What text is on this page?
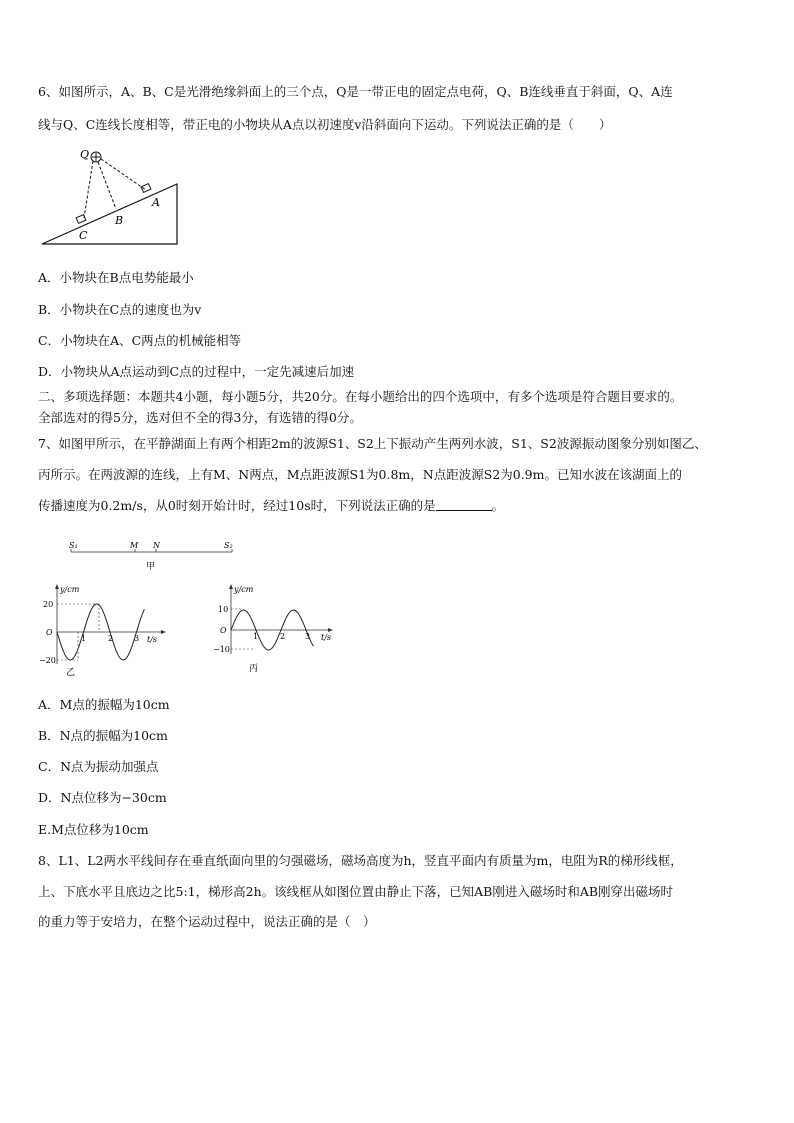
6、如图所示，A、B、C是光滑绝缘斜面上的三个点，Q是一带正电的固定点电荷，Q、B连线垂直于斜面，Q、A连
线与Q、C连线长度相等，带正电的小物块从A点以初速度v沿斜面向下运动。下列说法正确的是（　　）
Q
A
B
C
A．小物块在B点电势能最小
B．小物块在C点的速度也为v
C．小物块在A、C两点的机械能相等
D．小物块从A点运动到C点的过程中，一定先减速后加速
二、多项选择题：本题共4小题，每小题5分，共20分。在每小题给出的四个选项中，有多个选项是符合题目要求的。
全部选对的得5分，选对但不全的得3分，有选错的得0分。
7、如图甲所示，在平静湖面上有两个相距2m的波源S1、S2上下振动产生两列水波，S1、S2波源振动图象分别如图乙、
丙所示。在两波源的连线，上有M、N两点，M点距波源S1为0.8m，N点距波源S2为0.9m。已知水波在该湖面上的
传播速度为0.2m/s，从0时刻开始计时，经过10s时，下列说法正确的是	。
S₁	M N	S₂
甲
y/cm
t/s
O
20
−20
1	2	3
乙
y/cm
t/s
O
10
−10
1	2 3
丙
A．M点的振幅为10cm
B．N点的振幅为10cm
C．N点为振动加强点
D．N点位移为−30cm
E.M点位移为10cm
8、L1、L2两水平线间存在垂直纸面向里的匀强磁场，磁场高度为h，竖直平面内有质量为m，电阻为R的梯形线框，
上、下底水平且底边之比5:1，梯形高2h。该线框从如图位置由静止下落，已知AB刚进入磁场时和AB刚穿出磁场时
的重力等于安培力，在整个运动过程中，说法正确的是（　）
